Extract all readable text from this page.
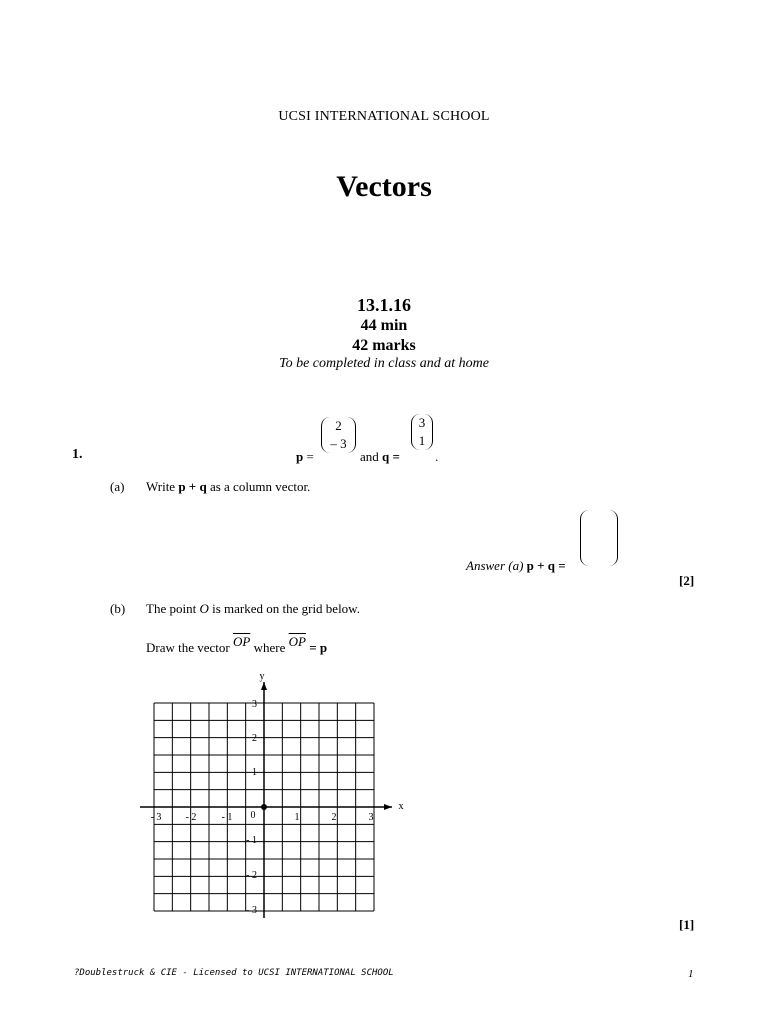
UCSI INTERNATIONAL SCHOOL
Vectors
13.1.16
44 min
42 marks
To be completed in class and at home
1.	p =
2
– 3
and q =
3
1
.
(a) Write p + q as a column vector.
Answer (a) p + q =
[2]
(b) The point O is marked on the grid below.
Draw the vector $\overline{OP}$ where $\overline{OP} = p$
y
x
0
- 3 - 2	- 1	1	2	3
3
2
1
- 1
- 2
- 3
[1]
?Doublestruck & CIE - Licensed to UCSI INTERNATIONAL SCHOOL	1
